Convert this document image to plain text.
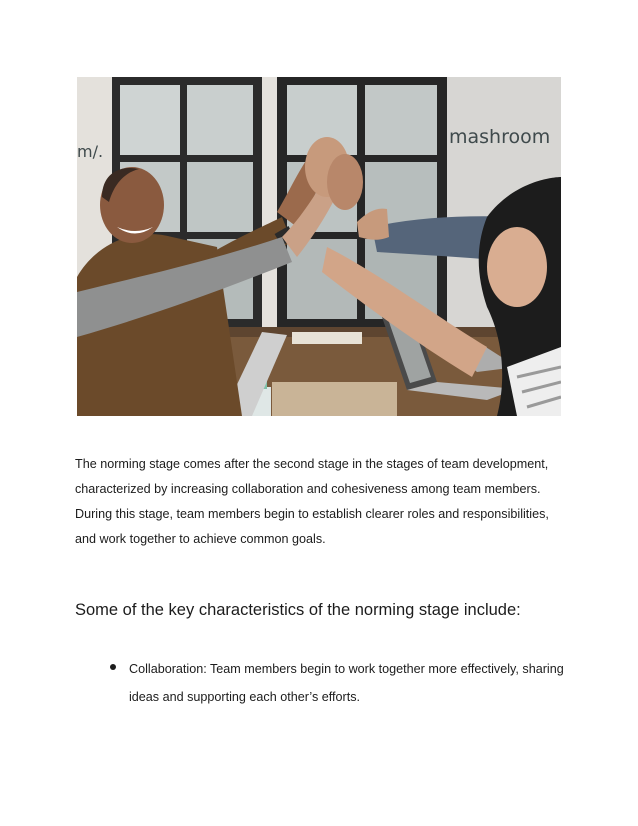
mashroom
m/.

The norming stage comes after the second stage in the stages of team development, characterized by increasing collaboration and cohesiveness among team members. During this stage, team members begin to establish clearer roles and responsibilities, and work together to achieve common goals.

Some of the key characteristics of the norming stage include:
Collaboration: Team members begin to work together more effectively, sharing ideas and supporting each other’s efforts.
